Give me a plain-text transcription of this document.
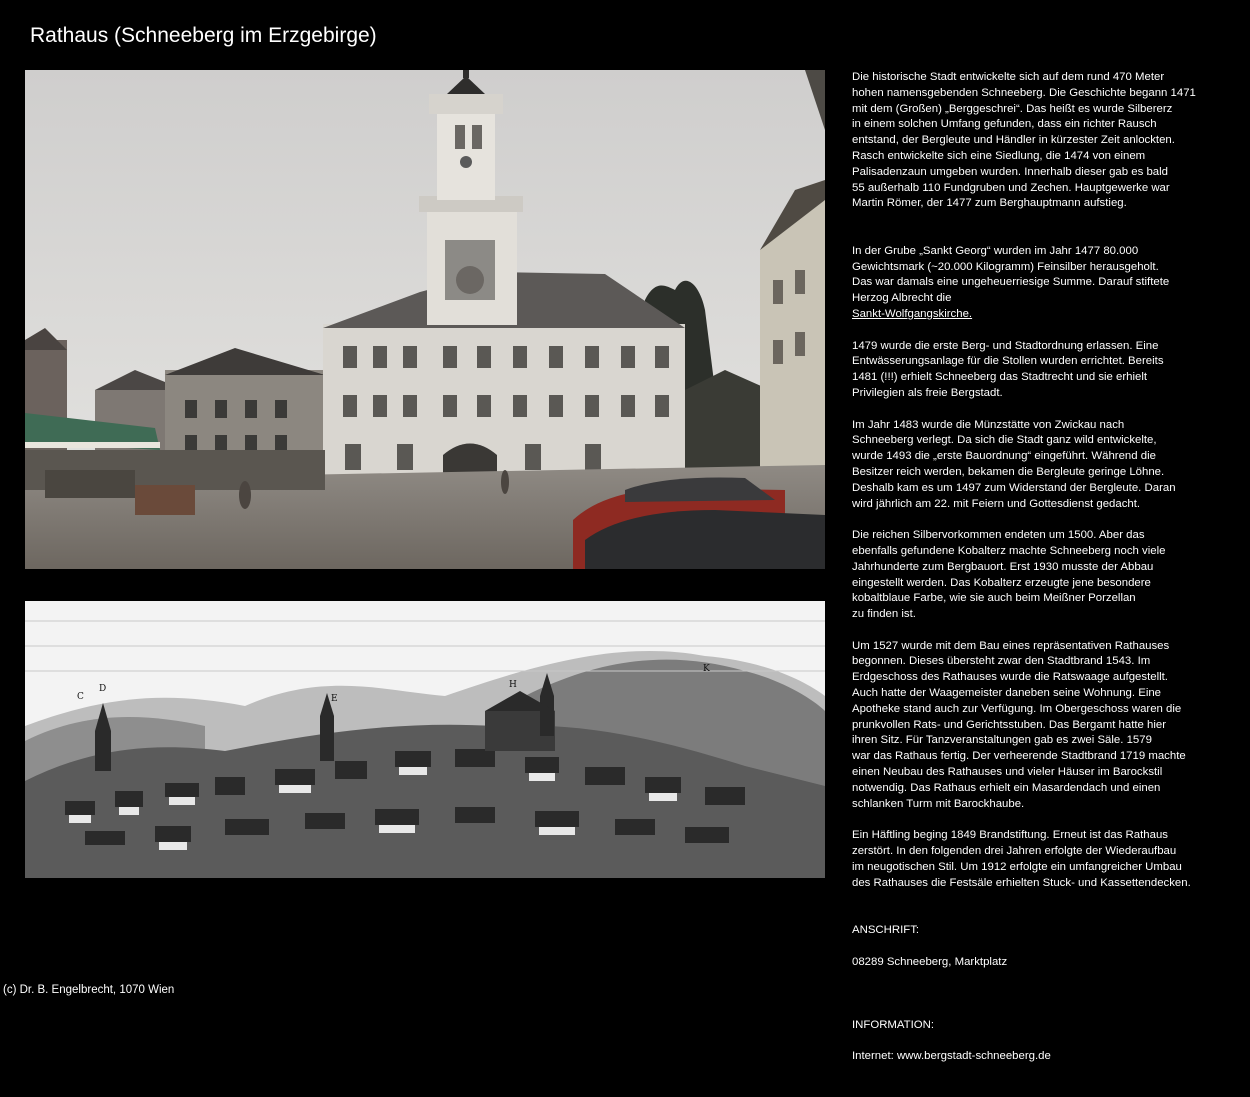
Rathaus (Schneeberg im Erzgebirge)
C
D
E
H
K

Die historische Stadt entwickelte sich auf dem rund 470 Meter
hohen namensgebenden Schneeberg. Die Geschichte begann 1471
mit dem (Großen) „Berggeschrei“. Das heißt es wurde Silbererz
in einem solchen Umfang gefunden, dass ein richter Rausch
entstand, der Bergleute und Händler in kürzester Zeit anlockten.
Rasch entwickelte sich eine Siedlung, die 1474 von einem
Palisadenzaun umgeben wurden. Innerhalb dieser gab es bald
55 außerhalb 110 Fundgruben und Zechen. Hauptgewerke war
Martin Römer, der 1477 zum Berghauptmann aufstieg.

In der Grube „Sankt Georg“ wurden im Jahr 1477 80.000
Gewichtsmark (~20.000 Kilogramm) Feinsilber herausgeholt.
Das war damals eine ungeheuerriesige Summe. Darauf stiftete
Herzog Albrecht die

Sankt-Wolfgangskirche.

1479 wurde die erste Berg- und Stadtordnung erlassen. Eine
Entwässerungsanlage für die Stollen wurden errichtet. Bereits
1481 (!!!) erhielt Schneeberg das Stadtrecht und sie erhielt
Privilegien als freie Bergstadt.

Im Jahr 1483 wurde die Münzstätte von Zwickau nach
Schneeberg verlegt. Da sich die Stadt ganz wild entwickelte,
wurde 1493 die „erste Bauordnung“ eingeführt. Während die
Besitzer reich werden, bekamen die Bergleute geringe Löhne.
Deshalb kam es um 1497 zum Widerstand der Bergleute. Daran
wird jährlich am 22. mit Feiern und Gottesdienst gedacht.

Die reichen Silbervorkommen endeten um 1500. Aber das
ebenfalls gefundene Kobalterz machte Schneeberg noch viele
Jahrhunderte zum Bergbauort. Erst 1930 musste der Abbau
eingestellt werden. Das Kobalterz erzeugte jene besondere
kobaltblaue Farbe, wie sie auch beim Meißner Porzellan
zu finden ist.

Um 1527 wurde mit dem Bau eines repräsentativen Rathauses
begonnen. Dieses übersteht zwar den Stadtbrand 1543. Im
Erdgeschoss des Rathauses wurde die Ratswaage aufgestellt.
Auch hatte der Waagemeister daneben seine Wohnung. Eine
Apotheke stand auch zur Verfügung. Im Obergeschoss waren die
prunkvollen Rats- und Gerichtsstuben. Das Bergamt hatte hier
ihren Sitz. Für Tanzveranstaltungen gab es zwei Säle. 1579
war das Rathaus fertig. Der verheerende Stadtbrand 1719 machte
einen Neubau des Rathauses und vieler Häuser im Barockstil
notwendig. Das Rathaus erhielt ein Masardendach und einen
schlanken Turm mit Barockhaube.

Ein Häftling beging 1849 Brandstiftung. Erneut ist das Rathaus
zerstört. In den folgenden drei Jahren erfolgte der Wiederaufbau
im neugotischen Stil. Um 1912 erfolgte ein umfangreicher Umbau
des Rathauses die Festsäle erhielten Stuck- und Kassettendecken.

ANSCHRIFT:

08289 Schneeberg, Marktplatz

INFORMATION:

Internet: www.bergstadt-schneeberg.de

(c) Dr. B. Engelbrecht, 1070 Wien
